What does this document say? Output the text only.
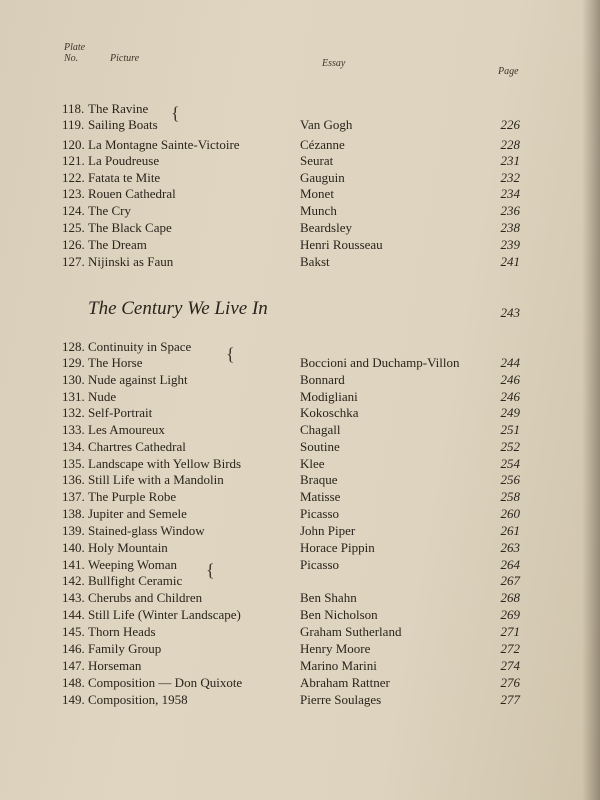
Plate
No.	Picture	Essay
Page
118. The Ravine
119. Sailing Boats	Van Gogh	226
120. La Montagne Sainte-Victoire	Cézanne	228
121. La Poudreuse	Seurat	231
122. Fatata te Mite	Gauguin	232
123. Rouen Cathedral	Monet	234
124. The Cry	Munch	236
125. The Black Cape	Beardsley	238
126. The Dream	Henri Rousseau	239
127. Nijinski as Faun	Bakst	241
{
The Century We Live In	243
128. Continuity in Space
129. The Horse	Boccioni and Duchamp-Villon	244
130. Nude against Light	Bonnard	246
131. Nude	Modigliani	246
132. Self-Portrait	Kokoschka	249
133. Les Amoureux	Chagall	251
134. Chartres Cathedral	Soutine	252
135. Landscape with Yellow Birds	Klee	254
136. Still Life with a Mandolin	Braque	256
137. The Purple Robe	Matisse	258
138. Jupiter and Semele	Picasso	260
139. Stained-glass Window	John Piper	261
140. Holy Mountain	Horace Pippin	263
141. Weeping Woman	Picasso	264
142. Bullfight Ceramic	267
143. Cherubs and Children	Ben Shahn	268
144. Still Life (Winter Landscape)	Ben Nicholson	269
145. Thorn Heads	Graham Sutherland	271
146. Family Group	Henry Moore	272
147. Horseman	Marino Marini	274
148. Composition — Don Quixote	Abraham Rattner	276
149. Composition, 1958	Pierre Soulages	277
{
{
